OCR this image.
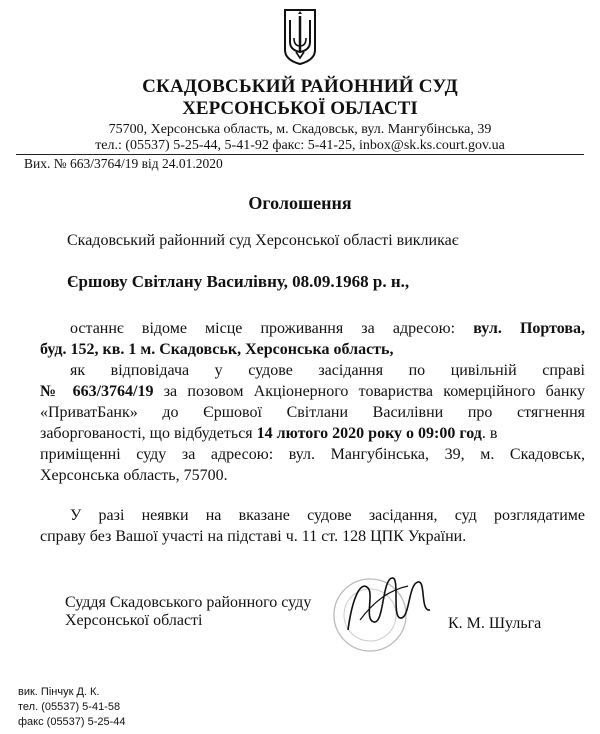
СКАДОВСЬКИЙ РАЙОННИЙ СУД
ХЕРСОНСЬКОЇ ОБЛАСТІ
75700, Херсонська область, м. Скадовськ, вул. Мангубінська, 39
тел.: (05537) 5-25-44, 5-41-92 факс: 5-41-25, inbox@sk.ks.court.gov.ua
Вих. № 663/3764/19 від 24.01.2020
Оголошення
Скадовський районний суд Херсонської області викликає
Єршову Світлану Василівну, 08.09.1968 р. н.,
останнє відоме місце проживання за адресою: вул. Портова,
буд. 152, кв. 1 м. Скадовськ, Херсонська область,
як відповідача у судове засідання по цивільній справі
№ 663/3764/19 за позовом Акціонерного товариства комерційного банку
«ПриватБанк» до Єршової Світлани Василівни про стягнення
заборгованості, що відбудеться 14 лютого 2020 року о 09:00 год. в
приміщенні суду за адресою: вул. Мангубінська, 39, м. Скадовськ,
Херсонська область, 75700.
У разі неявки на вказане судове засідання, суд розглядатиме
справу без Вашої участі на підставі ч. 11 ст. 128 ЦПК України.
Суддя Скадовського районного суду
Херсонської області	К. М. Шульга
вик. Пінчук Д. К.
тел. (05537) 5-41-58
факс (05537) 5-25-44
